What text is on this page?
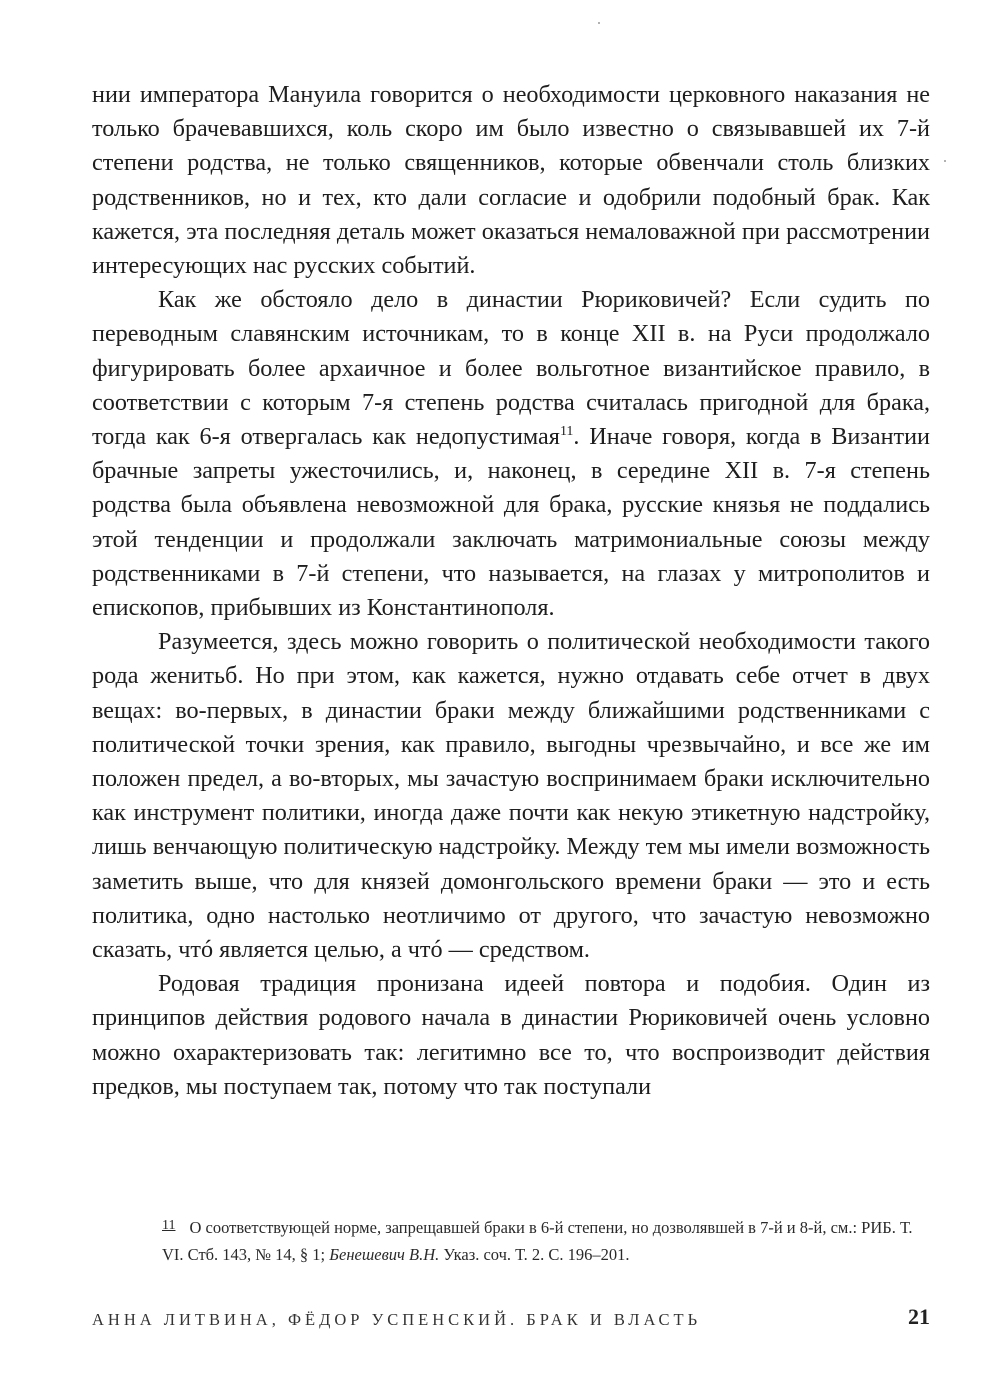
нии императора Мануила говорится о необходимости церковного наказания не только брачевавшихся, коль скоро им было известно о связывавшей их 7-й степени родства, не только священников, которые обвенчали столь близких родственников, но и тех, кто дали согласие и одобрили подобный брак. Как кажется, эта последняя деталь может оказаться немаловажной при рассмотрении интересующих нас русских событий.

Как же обстояло дело в династии Рюриковичей? Если судить по переводным славянским источникам, то в конце XII в. на Руси продолжало фигурировать более архаичное и более вольготное византийское правило, в соответствии с которым 7-я степень родства считалась пригодной для брака, тогда как 6-я отвергалась как недопустимая$^{11}$. Иначе говоря, когда в Византии брачные запреты ужесточились, и, наконец, в середине XII в. 7-я степень родства была объявлена невозможной для брака, русские князья не поддались этой тенденции и продолжали заключать матримониальные союзы между родственниками в 7-й степени, что называется, на глазах у митрополитов и епископов, прибывших из Константинополя.

Разумеется, здесь можно говорить о политической необходимости такого рода женитьб. Но при этом, как кажется, нужно отдавать себе отчет в двух вещах: во-первых, в династии браки между ближайшими родственниками с политической точки зрения, как правило, выгодны чрезвычайно, и все же им положен предел, а во-вторых, мы зачастую воспринимаем браки исключительно как инструмент политики, иногда даже почти как некую этикетную надстройку, лишь венчающую политическую надстройку. Между тем мы имели возможность заметить выше, что для князей домонгольского времени браки — это и есть политика, одно настолько неотличимо от другого, что зачастую невозможно сказать, чтó является целью, а чтó — средством.

Родовая традиция пронизана идеей повтора и подобия. Один из принципов действия родового начала в династии Рюриковичей очень условно можно охарактеризовать так: легитимно все то, что воспроизводит действия предков, мы поступаем так, потому что так поступали

11 О соответствующей норме, запрещавшей браки в 6-й степени, но дозволявшей в 7-й и 8-й, см.: РИБ. Т. VI. Стб. 143, № 14, § 1; Бенешевич В.Н. Указ. соч. Т. 2. С. 196–201.
АННА ЛИТВИНА, ФЁДОР УСПЕНСКИЙ. БРАК И ВЛАСТЬ	21
